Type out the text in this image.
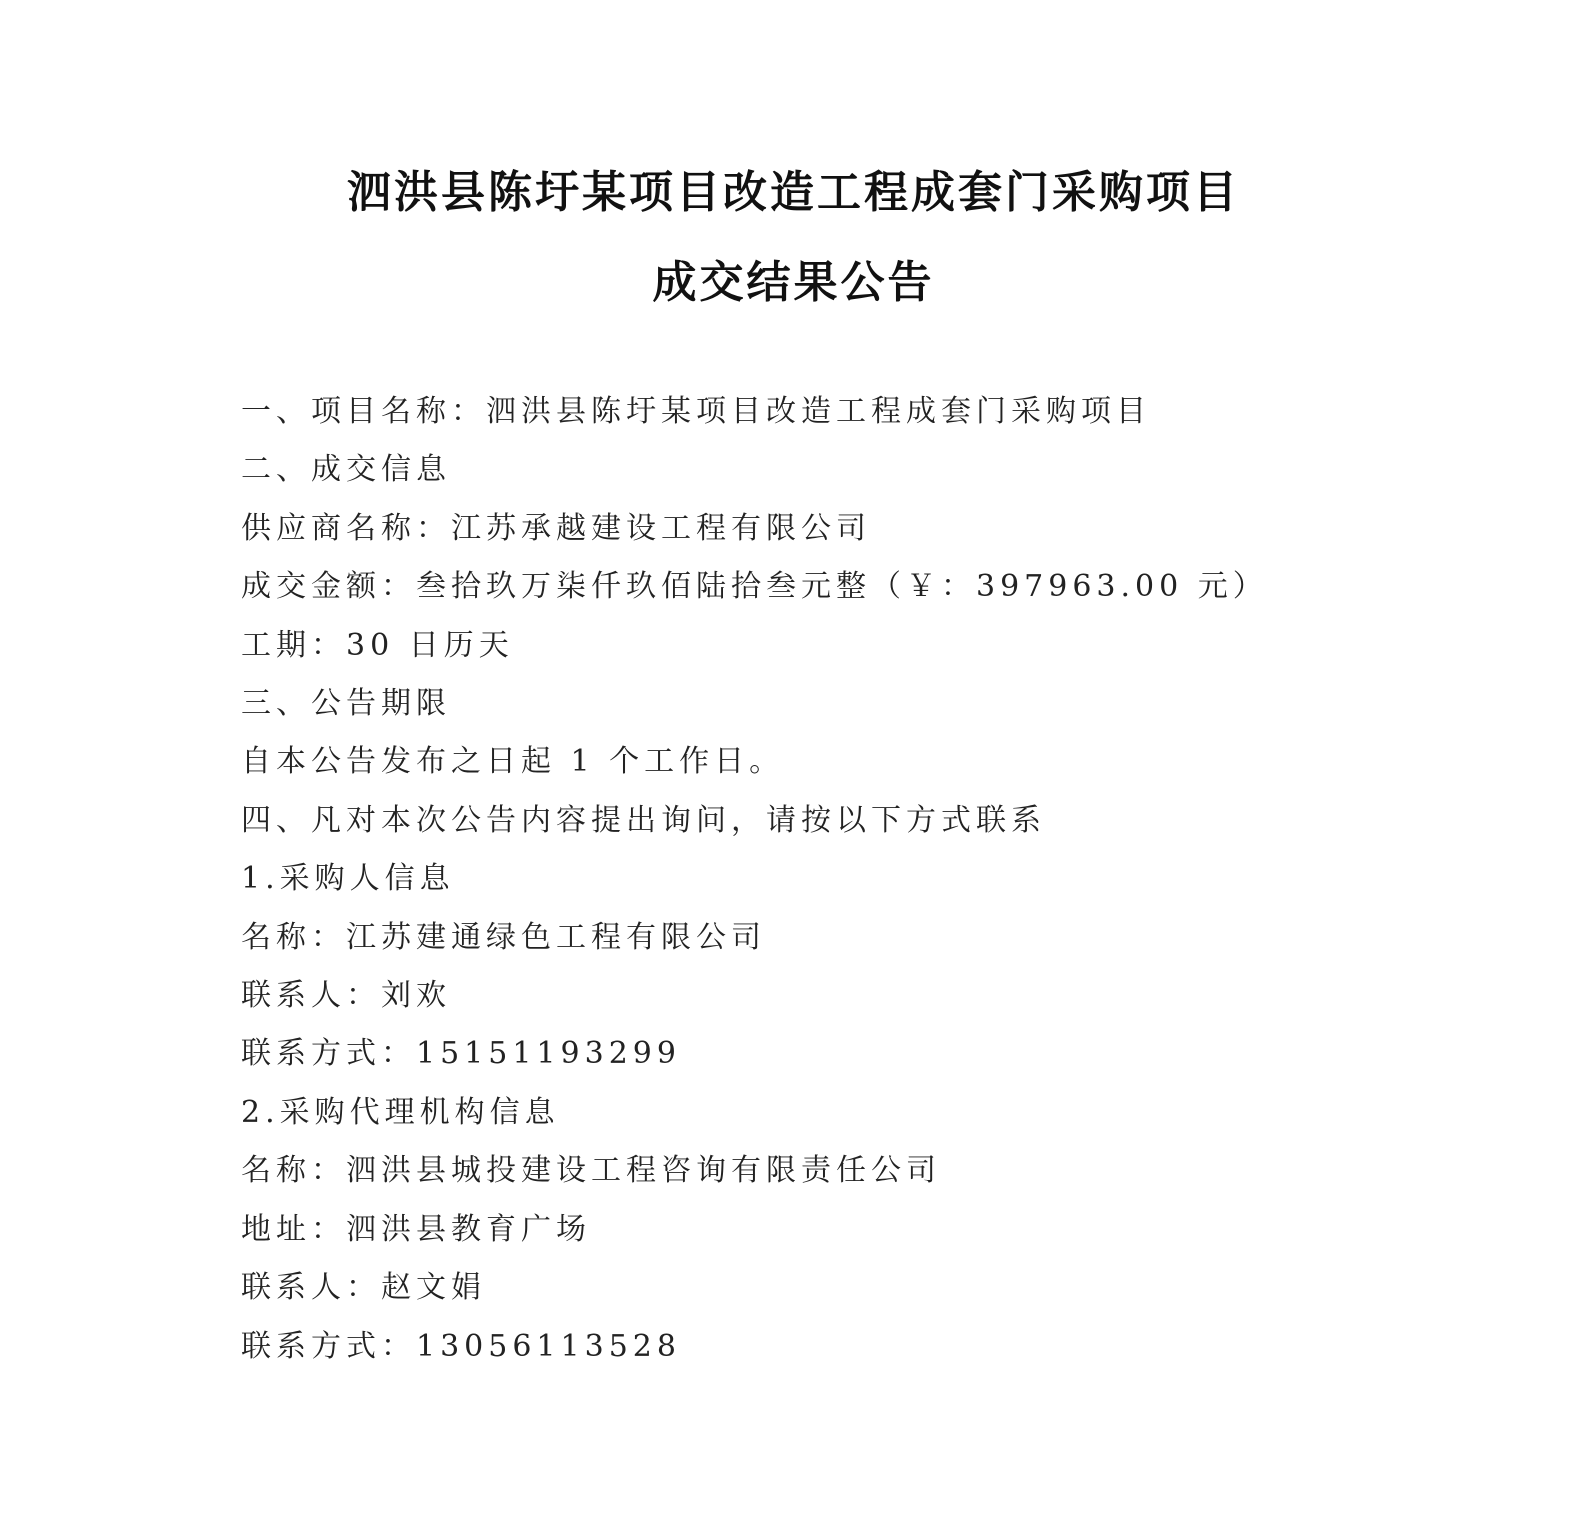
泗洪县陈圩某项目改造工程成套门采购项目
成交结果公告
一、项目名称：泗洪县陈圩某项目改造工程成套门采购项目
二、成交信息
供应商名称：江苏承越建设工程有限公司
成交金额：叁拾玖万柒仟玖佰陆拾叁元整（￥：397963.00 元）
工期：30 日历天
三、公告期限
自本公告发布之日起 1 个工作日。
四、凡对本次公告内容提出询问，请按以下方式联系
1.采购人信息
名称：江苏建通绿色工程有限公司
联系人：刘欢
联系方式：15151193299
2.采购代理机构信息
名称：泗洪县城投建设工程咨询有限责任公司
地址：泗洪县教育广场
联系人：赵文娟
联系方式：13056113528
